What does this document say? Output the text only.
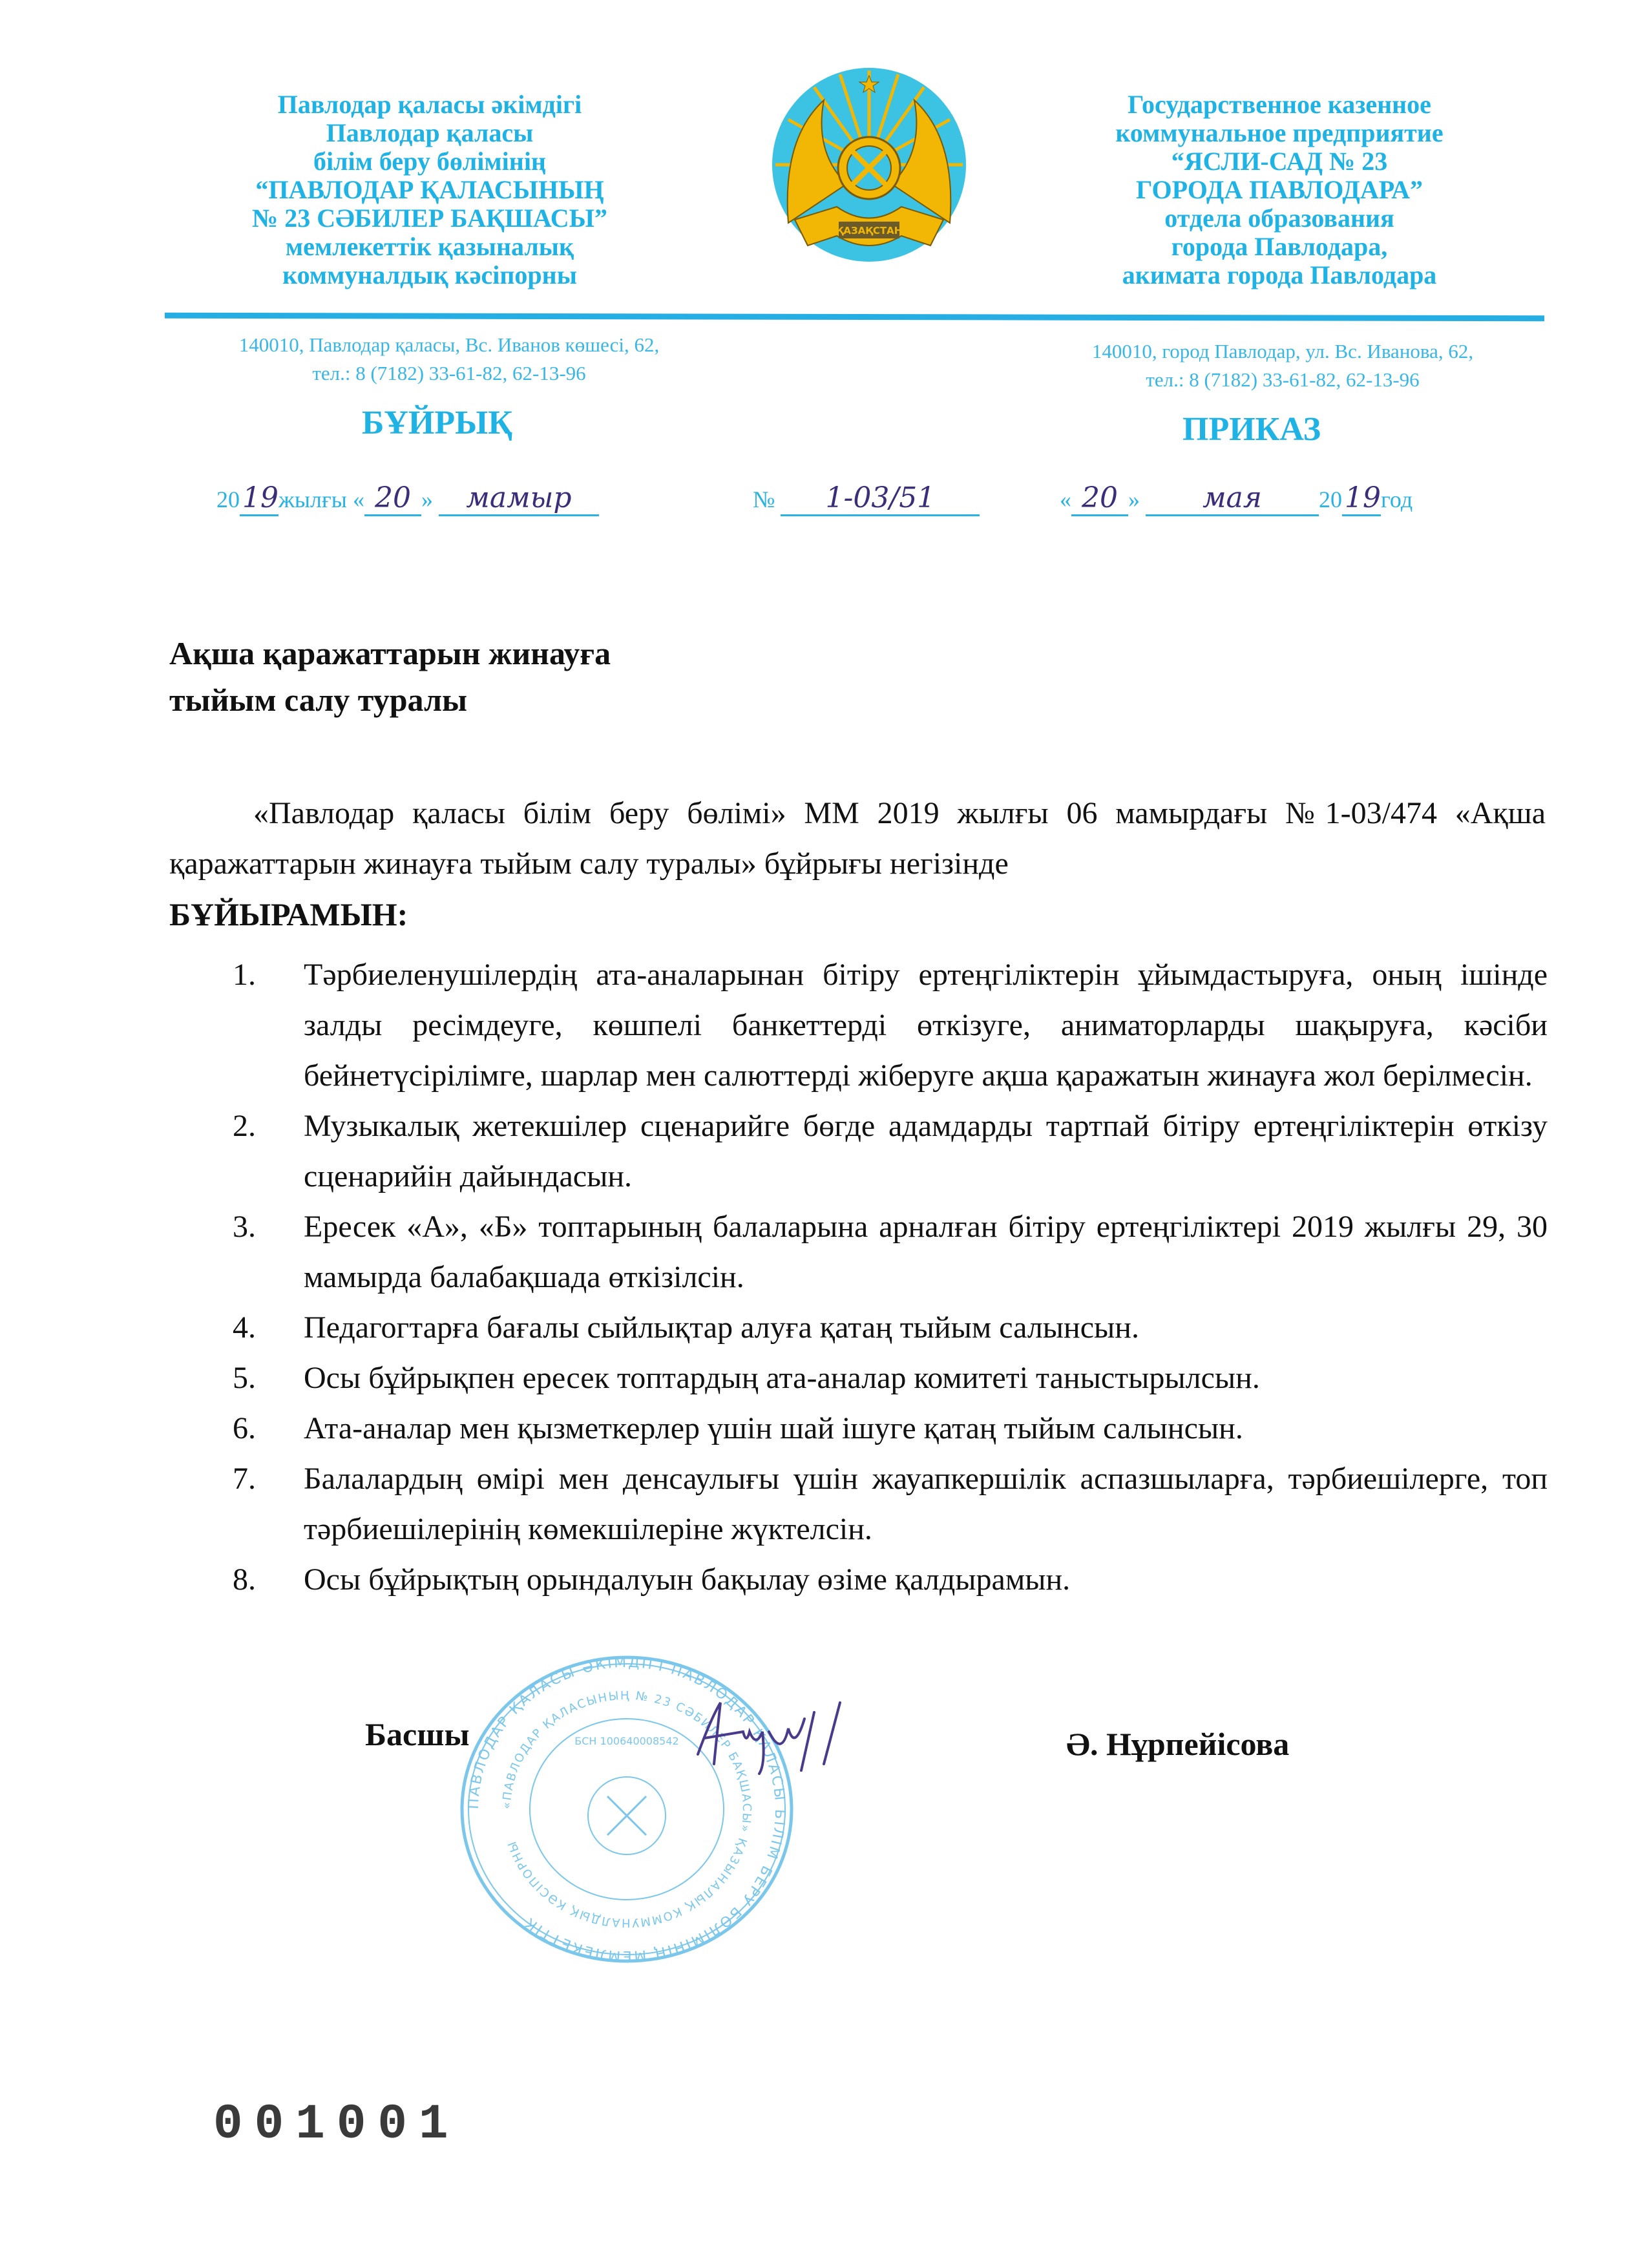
Павлодар қаласы әкімдігі
Павлодар қаласы
білім беру бөлімінің
“ПАВЛОДАР ҚАЛАСЫНЫҢ
№ 23 СӘБИЛЕР БАҚШАСЫ”
мемлекеттік қазыналық
коммуналдық кәсіпорны
ҚАЗАҚСТАН
Государственное казенное
коммунальное предприятие
“ЯСЛИ-САД № 23
ГОРОДА ПАВЛОДАРА”
отдела образования
города Павлодара,
акимата города Павлодара
140010, Павлодар қаласы, Вс. Иванов көшесі, 62,
тел.: 8 (7182) 33-61-82, 62-13-96
140010, город Павлодар, ул. Вс. Иванова, 62,
тел.: 8 (7182) 33-61-82, 62-13-96
БҰЙРЫҚ	ПРИКАЗ
2019жылғы « 20 » мамыр	№ 1-03/51	« 20 » мая 2019год
Ақша қаражаттарын жинауға
тыйым салу туралы
«Павлодар қаласы білім беру бөлімі» ММ 2019 жылғы 06 мамырдағы №1-03/474 «Ақша қаражаттарын жинауға тыйым салу туралы» бұйрығы негізінде
БҰЙЫРАМЫН:
1. Тәрбиеленушілердің ата-аналарынан бітіру ертеңгіліктерін ұйымдастыруға, оның ішінде залды ресімдеуге, көшпелі банкеттерді өткізуге, аниматорларды шақыруға, кәсіби бейнетүсірілімге, шарлар мен салюттерді жіберуге ақша қаражатын жинауға жол берілмесін.
2. Музыкалық жетекшілер сценарийге бөгде адамдарды тартпай бітіру ертеңгіліктерін өткізу сценарийін дайындасын.
3. Ересек «А», «Б» топтарының балаларына арналған бітіру ертеңгіліктері 2019 жылғы 29, 30 мамырда балабақшада өткізілсін.
4. Педагогтарға бағалы сыйлықтар алуға қатаң тыйым салынсын.
5. Осы бұйрықпен ересек топтардың ата-аналар комитеті таныстырылсын.
6. Ата-аналар мен қызметкерлер үшін шай ішуге қатаң тыйым салынсын.
7. Балалардың өмірі мен денсаулығы үшін жауапкершілік аспазшыларға, тәрбиешілерге, топ тәрбиешілерінің көмекшілеріне жүктелсін.
8. Осы бұйрықтың орындалуын бақылау өзіме қалдырамын.
ПАВЛОДАР ҚАЛАСЫ ӘКІМДІГІ ПАВЛОДАР ҚАЛАСЫ БІЛІМ БЕРУ БӨЛІМІНІҢ МЕМЛЕКЕТТІК
«ПАВЛОДАР ҚАЛАСЫНЫҢ № 23 СӘБИЛЕР БАҚШАСЫ» ҚАЗЫНАЛЫҚ КОММУНАЛДЫҚ КӘСІПОРНЫ
БСН 100640008542
Басшы	Ә. Нұрпейісова
001001
